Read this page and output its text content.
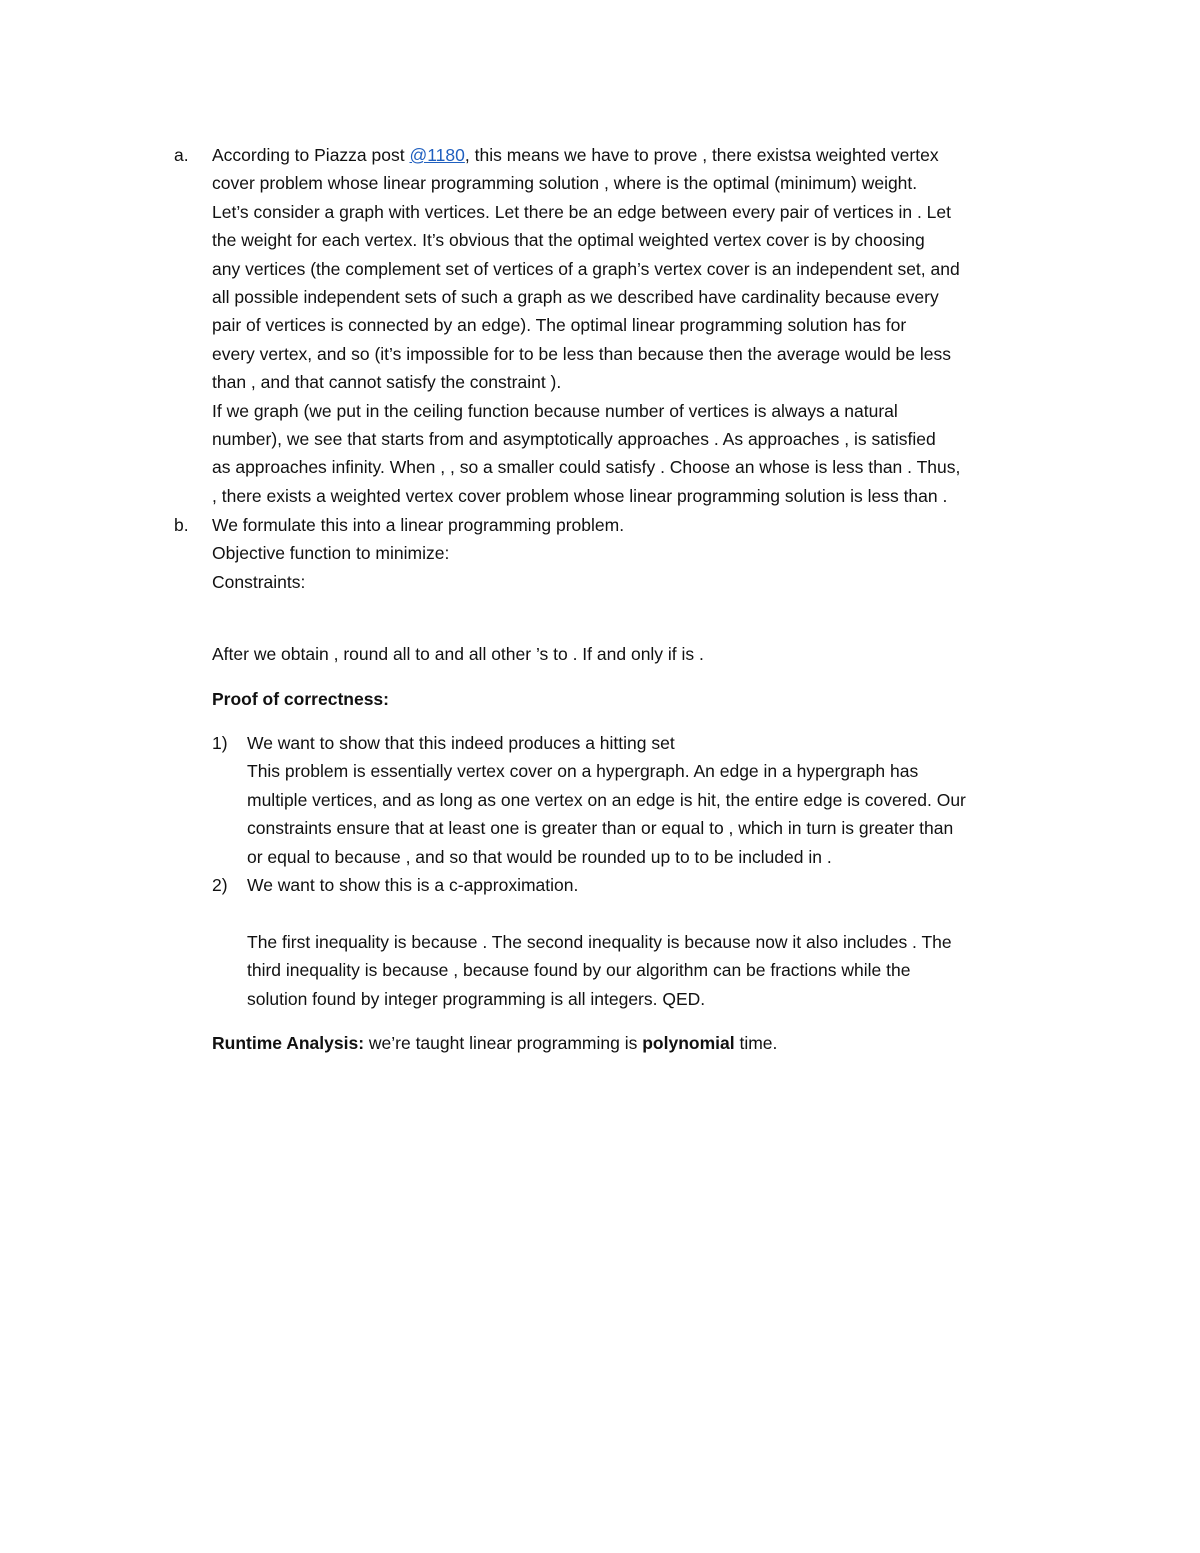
a. According to Piazza post @1180, this means we have to prove , there existsa weighted vertex
cover problem whose linear programming solution , where is the optimal (minimum) weight.
Let’s consider a graph with vertices. Let there be an edge between every pair of vertices in . Let
the weight for each vertex. It’s obvious that the optimal weighted vertex cover is by choosing
any vertices (the complement set of vertices of a graph’s vertex cover is an independent set, and
all possible independent sets of such a graph as we described have cardinality because every
pair of vertices is connected by an edge). The optimal linear programming solution has for
every vertex, and so (it’s impossible for to be less than because then the average would be less
than , and that cannot satisfy the constraint ).
If we graph (we put in the ceiling function because number of vertices is always a natural
number), we see that starts from and asymptotically approaches . As approaches , is satisfied
as approaches infinity. When , , so a smaller could satisfy . Choose an whose is less than . Thus,
, there exists a weighted vertex cover problem whose linear programming solution is less than .
b. We formulate this into a linear programming problem.
Objective function to minimize:
Constraints:
After we obtain , round all to and all other ’s to . If and only if is .
Proof of correctness:
1) We want to show that this indeed produces a hitting set
This problem is essentially vertex cover on a hypergraph. An edge in a hypergraph has
multiple vertices, and as long as one vertex on an edge is hit, the entire edge is covered. Our
constraints ensure that at least one is greater than or equal to , which in turn is greater than
or equal to because , and so that would be rounded up to to be included in .
2) We want to show this is a c-approximation.
The first inequality is because . The second inequality is because now it also includes . The
third inequality is because , because found by our algorithm can be fractions while the
solution found by integer programming is all integers. QED.
Runtime Analysis: we’re taught linear programming is polynomial time.
